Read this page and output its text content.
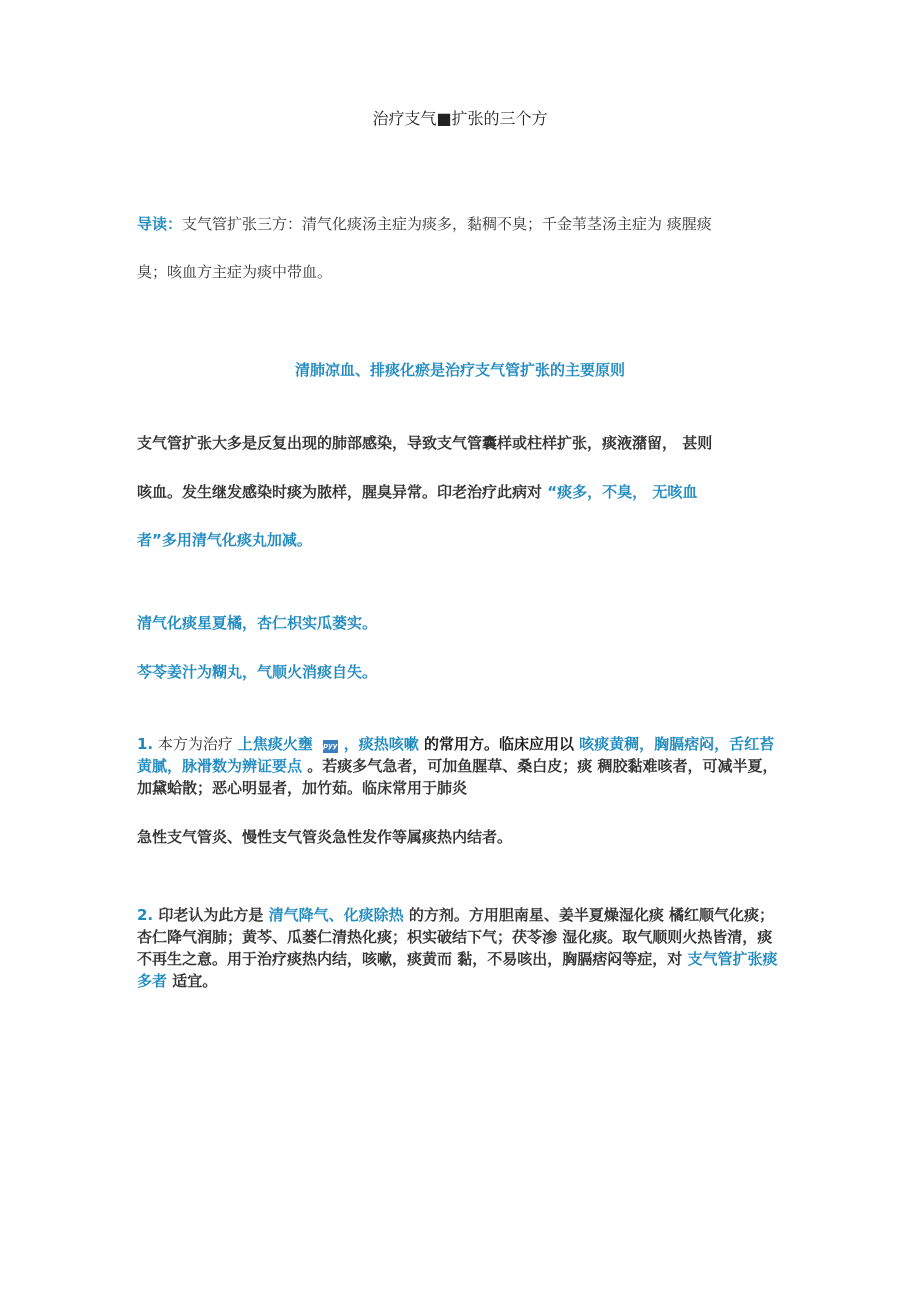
治疗支气■扩张的三个方
导读：支气管扩张三方：清气化痰汤主症为痰多，黏稠不臭；千金苇茎汤主症为 痰腥痰
臭；咳血方主症为痰中带血。
清肺凉血、排痰化瘀是治疗支气管扩张的主要原则
支气管扩张大多是反复出现的肺部感染，导致支气管囊样或柱样扩张，痰液潴留， 甚则
咳血。发生继发感染时痰为脓样，腥臭异常。印老治疗此病对 “痰多，不臭， 无咳血
者”多用清气化痰丸加减。
清气化痰星夏橘，杏仁枳实瓜蒌实。
芩苓姜汁为糊丸，气顺火消痰自失。
1. 本方为治疗 上焦痰火壅 pyy ，痰热咳嗽 的常用方。临床应用以 咳痰黄稠，胸膈痞闷，舌红苔黄腻，脉滑数为辨证要点 。若痰多气急者，可加鱼腥草、桑白皮；痰 稠胶黏难咳者，可减半夏，加黛蛤散；恶心明显者，加竹茹。临床常用于肺炎
急性支气管炎、慢性支气管炎急性发作等属痰热内结者。
2. 印老认为此方是 清气降气、化痰除热 的方剂。方用胆南星、姜半夏燥湿化痰 橘红顺气化痰；杏仁降气润肺；黄芩、瓜蒌仁清热化痰；枳实破结下气；茯苓渗 湿化痰。取气顺则火热皆清，痰不再生之意。用于治疗痰热内结，咳嗽，痰黄而 黏，不易咳出，胸膈痞闷等症，对 支气管扩张痰多者 适宜。
